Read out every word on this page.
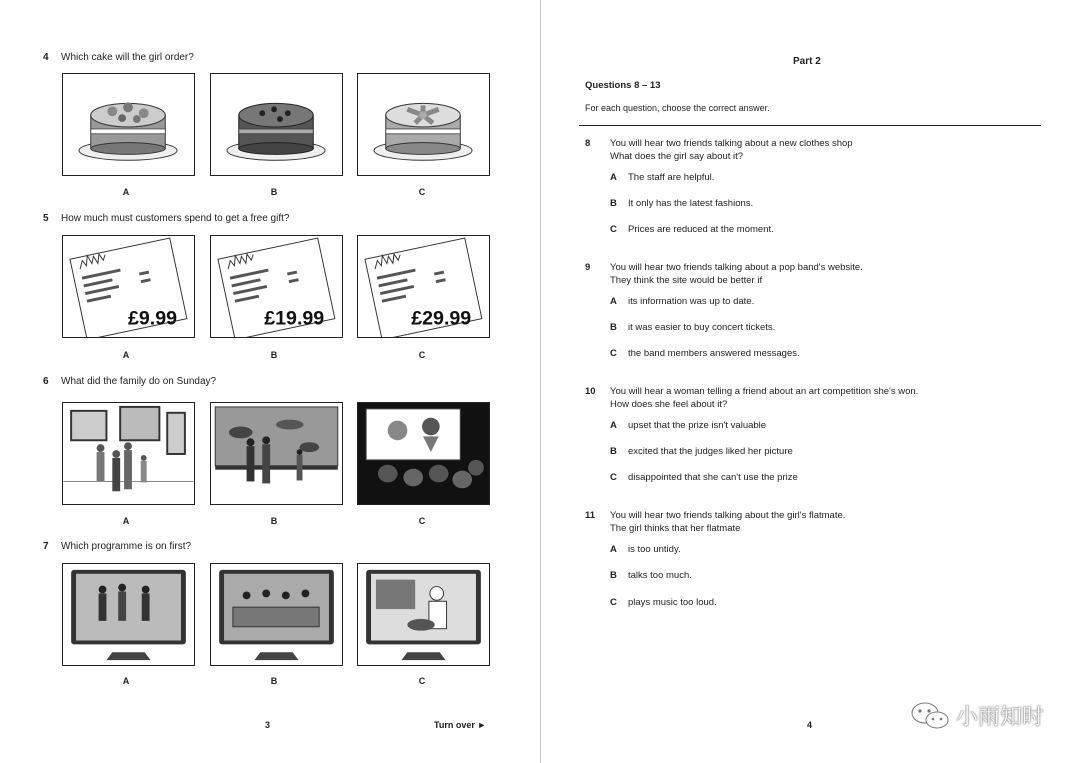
4 Which cake will the girl order?
A	B	C
5 How much must customers spend to get a free gift?
£9.99	£19.99	£29.99
A	B	C
6 What did the family do on Sunday?
A	B	C
7 Which programme is on first?
A	B	C
3	Turn over ►
Part 2
Questions 8 – 13
For each question, choose the correct answer.
8 You will hear two friends talking about a new clothes shop
What does the girl say about it?
A The staff are helpful.
B It only has the latest fashions.
C Prices are reduced at the moment.
9 You will hear two friends talking about a pop band's website.
They think the site would be better if
A its information was up to date.
B it was easier to buy concert tickets.
C the band members answered messages.
10 You will hear a woman telling a friend about an art competition she's won.
How does she feel about it?
A upset that the prize isn't valuable
B excited that the judges liked her picture
C disappointed that she can't use the prize
11 You will hear two friends talking about the girl's flatmate.
The girl thinks that her flatmate
A is too untidy.
B talks too much.
C plays music too loud.
4	小雨知时
